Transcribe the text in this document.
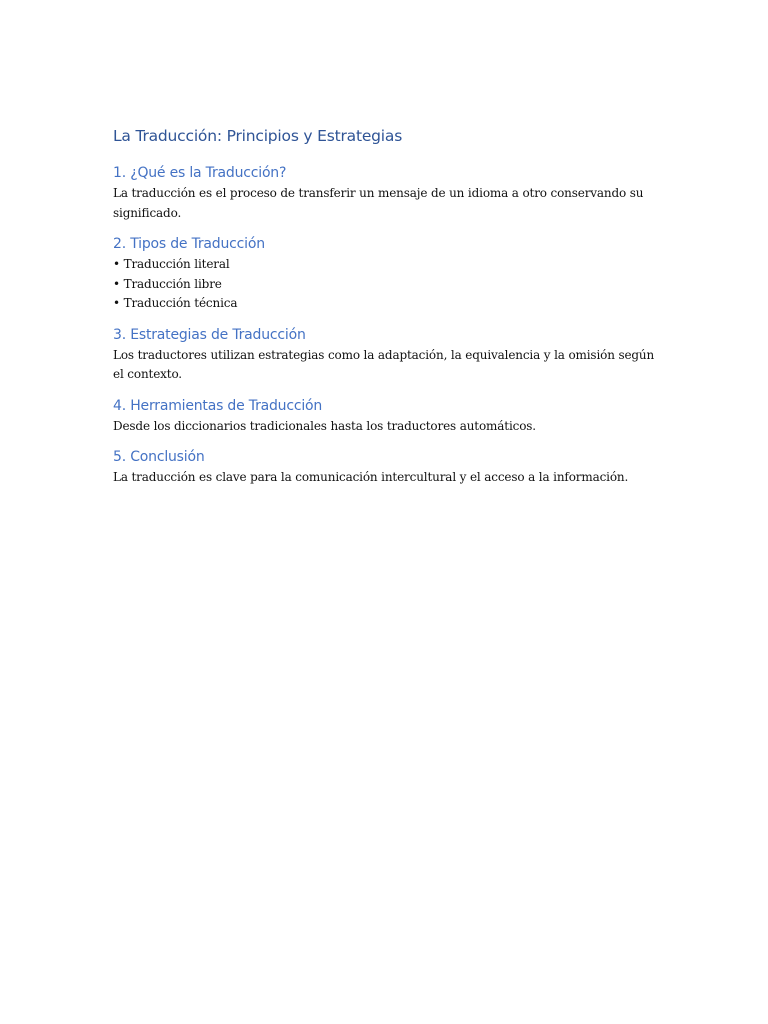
La Traducción: Principios y Estrategias
1. ¿Qué es la Traducción?

La traducción es el proceso de transferir un mensaje de un idioma a otro conservando su significado.

2. Tipos de Traducción
• Traducción literal
• Traducción libre
• Traducción técnica
3. Estrategias de Traducción

Los traductores utilizan estrategias como la adaptación, la equivalencia y la omisión según el contexto.

4. Herramientas de Traducción

Desde los diccionarios tradicionales hasta los traductores automáticos.

5. Conclusión

La traducción es clave para la comunicación intercultural y el acceso a la información.
